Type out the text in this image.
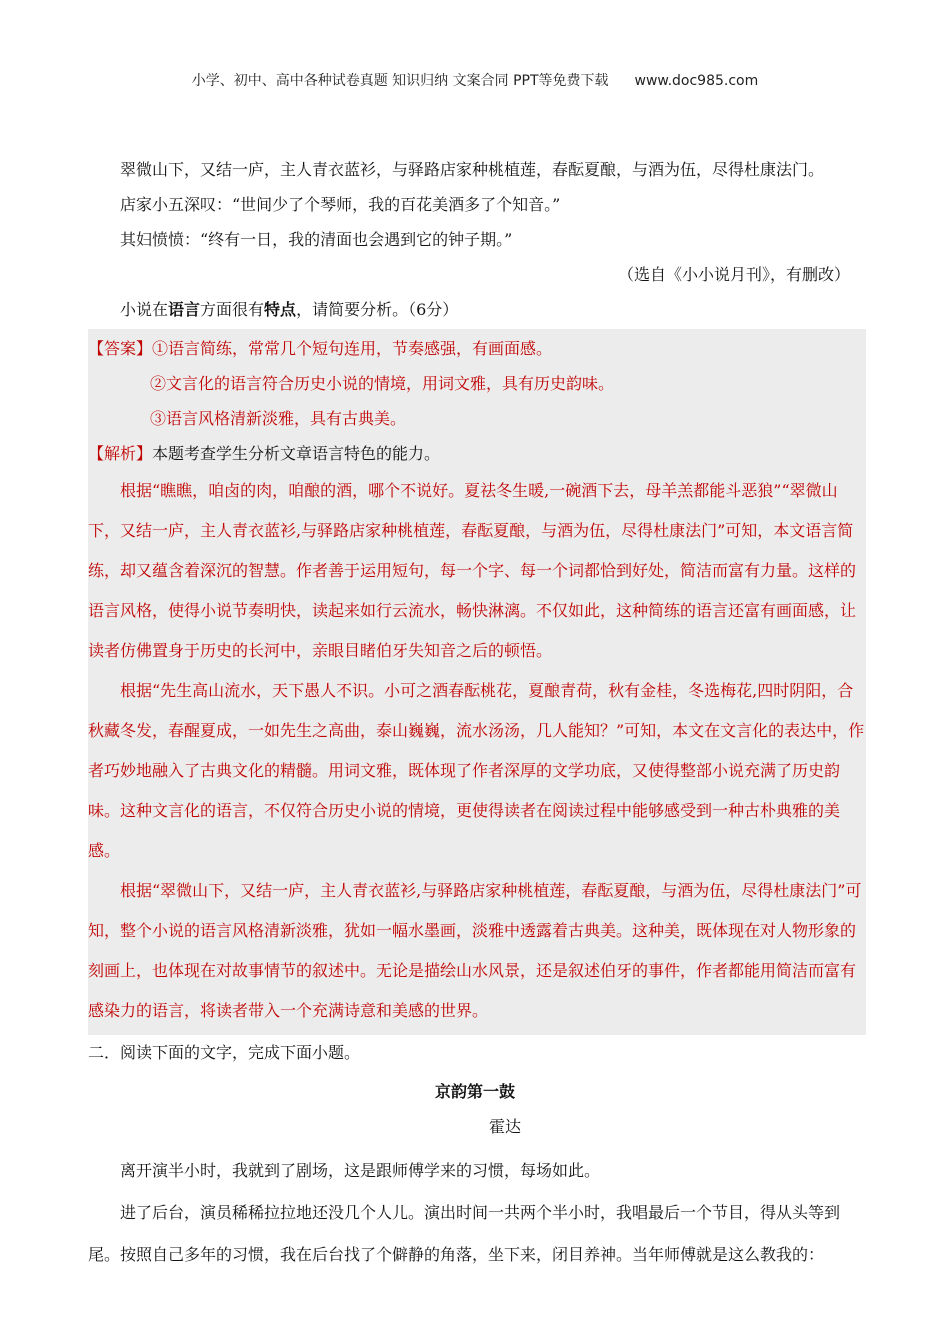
小学、初中、高中各种试卷真题 知识归纳 文案合同 PPT等免费下载 www.doc985.com

翠微山下，又结一庐，主人青衣蓝衫，与驿路店家种桃植莲，春酝夏酿，与酒为伍，尽得杜康法门。

店家小五深叹：“世间少了个琴师，我的百花美酒多了个知音。”

其妇愤愤：“终有一日，我的清面也会遇到它的钟子期。”

（选自《小小说月刊》，有删改）

小说在语言方面很有特点，请简要分析。（6分）

【答案】①语言简练，常常几个短句连用，节奏感强，有画面感。

②文言化的语言符合历史小说的情境，用词文雅，具有历史韵味。

③语言风格清新淡雅，具有古典美。

【解析】本题考查学生分析文章语言特色的能力。

根据“瞧瞧，咱卤的肉，咱酿的酒，哪个不说好。夏祛冬生暖,一碗酒下去，母羊羔都能斗恶狼”“翠微山下，又结一庐，主人青衣蓝衫,与驿路店家种桃植莲，春酝夏酿，与酒为伍，尽得杜康法门”可知，本文语言简练，却又蕴含着深沉的智慧。作者善于运用短句，每一个字、每一个词都恰到好处，简洁而富有力量。这样的语言风格，使得小说节奏明快，读起来如行云流水，畅快淋漓。不仅如此，这种简练的语言还富有画面感，让读者仿佛置身于历史的长河中，亲眼目睹伯牙失知音之后的顿悟。

根据“先生高山流水，天下愚人不识。小可之酒春酝桃花，夏酿青荷，秋有金桂，冬选梅花,四时阴阳，合秋藏冬发，春醒夏成，一如先生之高曲，泰山巍巍，流水汤汤，几人能知？”可知，本文在文言化的表达中，作者巧妙地融入了古典文化的精髓。用词文雅，既体现了作者深厚的文学功底，又使得整部小说充满了历史韵味。这种文言化的语言，不仅符合历史小说的情境，更使得读者在阅读过程中能够感受到一种古朴典雅的美感。

根据“翠微山下，又结一庐，主人青衣蓝衫,与驿路店家种桃植莲，春酝夏酿，与酒为伍，尽得杜康法门”可知，整个小说的语言风格清新淡雅，犹如一幅水墨画，淡雅中透露着古典美。这种美，既体现在对人物形象的刻画上，也体现在对故事情节的叙述中。无论是描绘山水风景，还是叙述伯牙的事件，作者都能用简洁而富有感染力的语言，将读者带入一个充满诗意和美感的世界。

二．阅读下面的文字，完成下面小题。

京韵第一鼓

霍达

离开演半小时，我就到了剧场，这是跟师傅学来的习惯，每场如此。

进了后台，演员稀稀拉拉地还没几个人儿。演出时间一共两个半小时，我唱最后一个节目，得从头等到尾。按照自己多年的习惯，我在后台找了个僻静的角落，坐下来，闭目养神。当年师傅就是这么教我的：
